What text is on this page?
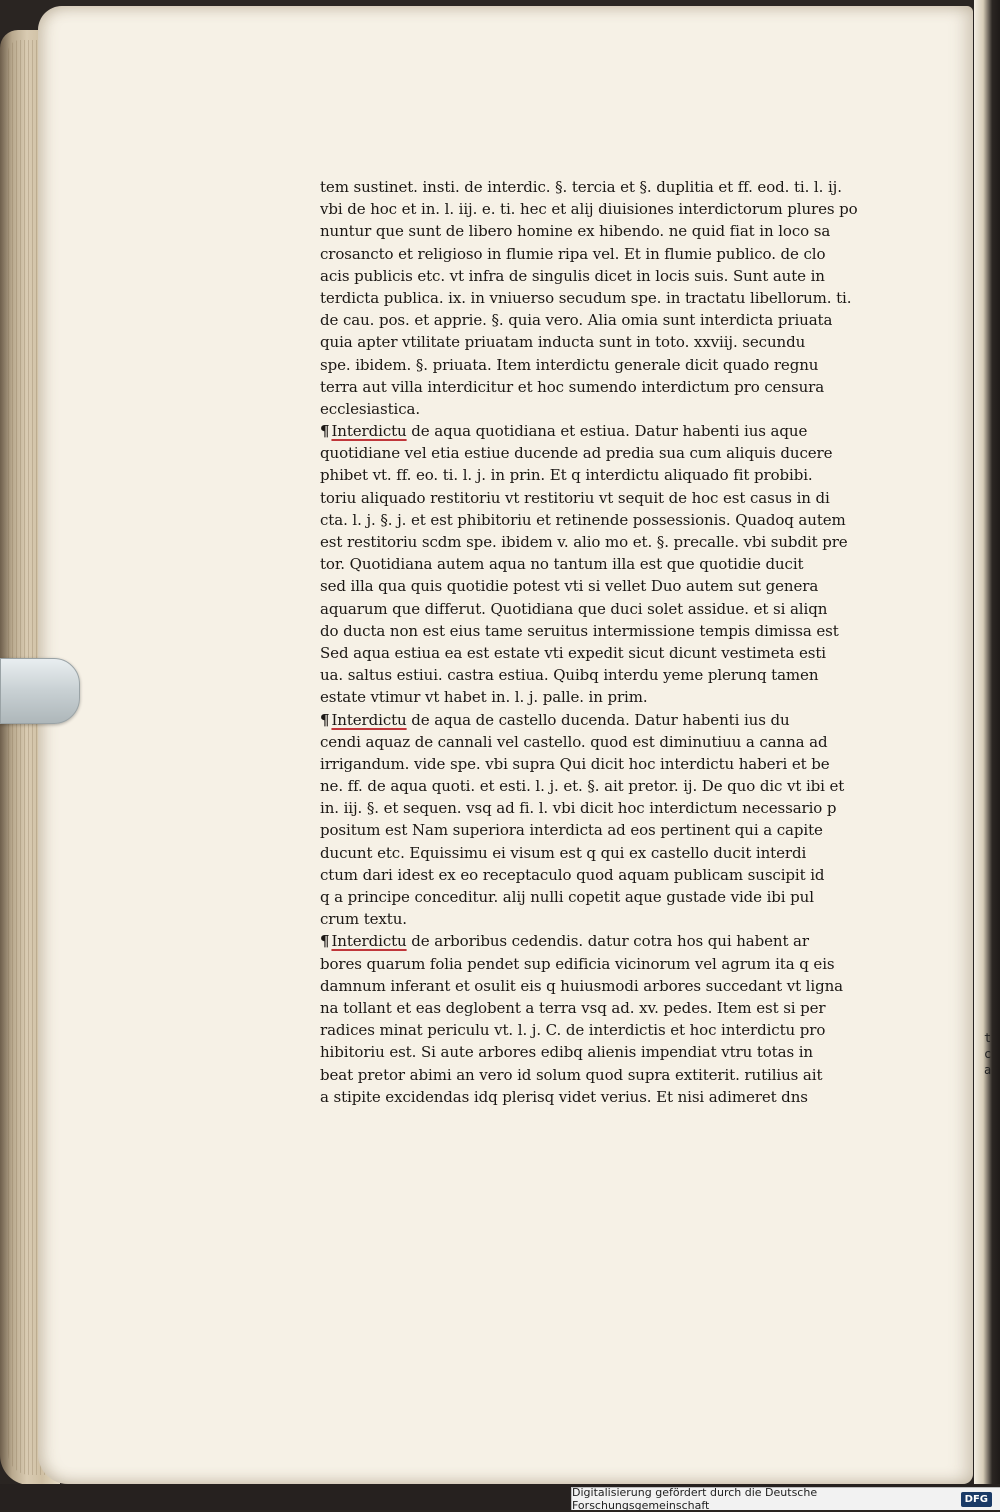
tem sustinet. insti. de interdic. §. tercia et §. duplitia et ff. eod. ti. l. ij.
vbi de hoc et in. l. iij. e. ti. hec et alij diuisiones interdictorum plures po
nuntur que sunt de libero homine ex hibendo. ne quid fiat in loco sa
crosancto et religioso in flumie ripa vel. Et in flumie publico. de clo
acis publicis etc. vt infra de singulis dicet in locis suis. Sunt aute in
terdicta publica. ix. in vniuerso secudum spe. in tractatu libellorum. ti.
de cau. pos. et apprie. §. quia vero. Alia omia sunt interdicta priuata
quia apter vtilitate priuatam inducta sunt in toto. xxviij. secundu
spe. ibidem. §. priuata. Item interdictu generale dicit quado regnu
terra aut villa interdicitur et hoc sumendo interdictum pro censura
ecclesiastica.
¶ Interdictu de aqua quotidiana et estiua. Datur habenti ius aque
quotidiane vel etia estiue ducende ad predia sua cum aliquis ducere
phibet vt. ff. eo. ti. l. j. in prin. Et q interdictu aliquado fit probibi.
toriu aliquado restitoriu vt restitoriu vt sequit de hoc est casus in di
cta. l. j. §. j. et est phibitoriu et retinende possessionis. Quadoq autem
est restitoriu scdm spe. ibidem v. alio mo et. §. precalle. vbi subdit pre
tor. Quotidiana autem aqua no tantum illa est que quotidie ducit
sed illa qua quis quotidie potest vti si vellet Duo autem sut genera
aquarum que differut. Quotidiana que duci solet assidue. et si aliqn
do ducta non est eius tame seruitus intermissione tempis dimissa est
Sed aqua estiua ea est estate vti expedit sicut dicunt vestimeta esti
ua. saltus estiui. castra estiua. Quibq interdu yeme plerunq tamen
estate vtimur vt habet in. l. j. palle. in prim.
¶ Interdictu de aqua de castello ducenda. Datur habenti ius du
cendi aquaz de cannali vel castello. quod est diminutiuu a canna ad
irrigandum. vide spe. vbi supra Qui dicit hoc interdictu haberi et be
ne. ff. de aqua quoti. et esti. l. j. et. §. ait pretor. ij. De quo dic vt ibi et
in. iij. §. et sequen. vsq ad fi. l. vbi dicit hoc interdictum necessario p
positum est Nam superiora interdicta ad eos pertinent qui a capite
ducunt etc. Equissimu ei visum est q qui ex castello ducit interdi
ctum dari idest ex eo receptaculo quod aquam publicam suscipit id
q a principe conceditur. alij nulli copetit aque gustade vide ibi pul
crum textu.
¶ Interdictu de arboribus cedendis. datur cotra hos qui habent ar
bores quarum folia pendet sup edificia vicinorum vel agrum ita q eis
damnum inferant et osulit eis q huiusmodi arbores succedant vt ligna
na tollant et eas deglobent a terra vsq ad. xv. pedes. Item est si per
radices minat periculu vt. l. j. C. de interdictis et hoc interdictu pro
hibitoriu est. Si aute arbores edibq alienis impendiat vtru totas in
beat pretor abimi an vero id solum quod supra extiterit. rutilius ait
a stipite excidendas idq plerisq videt verius. Et nisi adimeret dns
t
c
a
Digitalisierung gefördert durch die Deutsche Forschungsgemeinschaft	DFG
